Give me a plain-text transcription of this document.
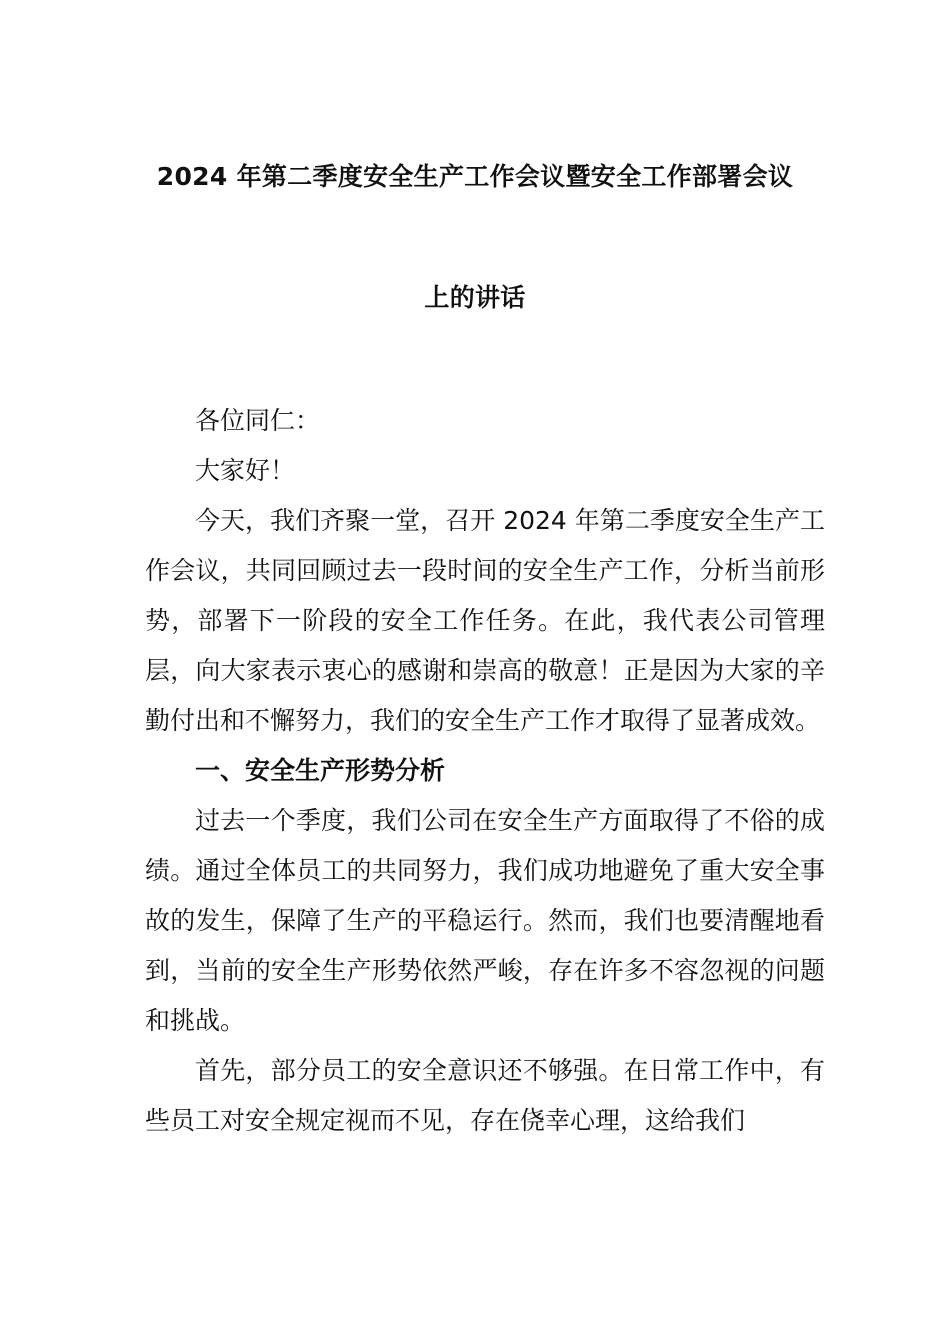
2024 年第二季度安全生产工作会议暨安全工作部署会议
上的讲话

各位同仁：

大家好！

今天，我们齐聚一堂，召开 2024 年第二季度安全生产工作会议，共同回顾过去一段时间的安全生产工作，分析当前形势，部署下一阶段的安全工作任务。在此，我代表公司管理层，向大家表示衷心的感谢和崇高的敬意！正是因为大家的辛勤付出和不懈努力，我们的安全生产工作才取得了显著成效。

一、安全生产形势分析

过去一个季度，我们公司在安全生产方面取得了不俗的成绩。通过全体员工的共同努力，我们成功地避免了重大安全事故的发生，保障了生产的平稳运行。然而，我们也要清醒地看到，当前的安全生产形势依然严峻，存在许多不容忽视的问题和挑战。

首先，部分员工的安全意识还不够强。在日常工作中，有些员工对安全规定视而不见，存在侥幸心理，这给我们
